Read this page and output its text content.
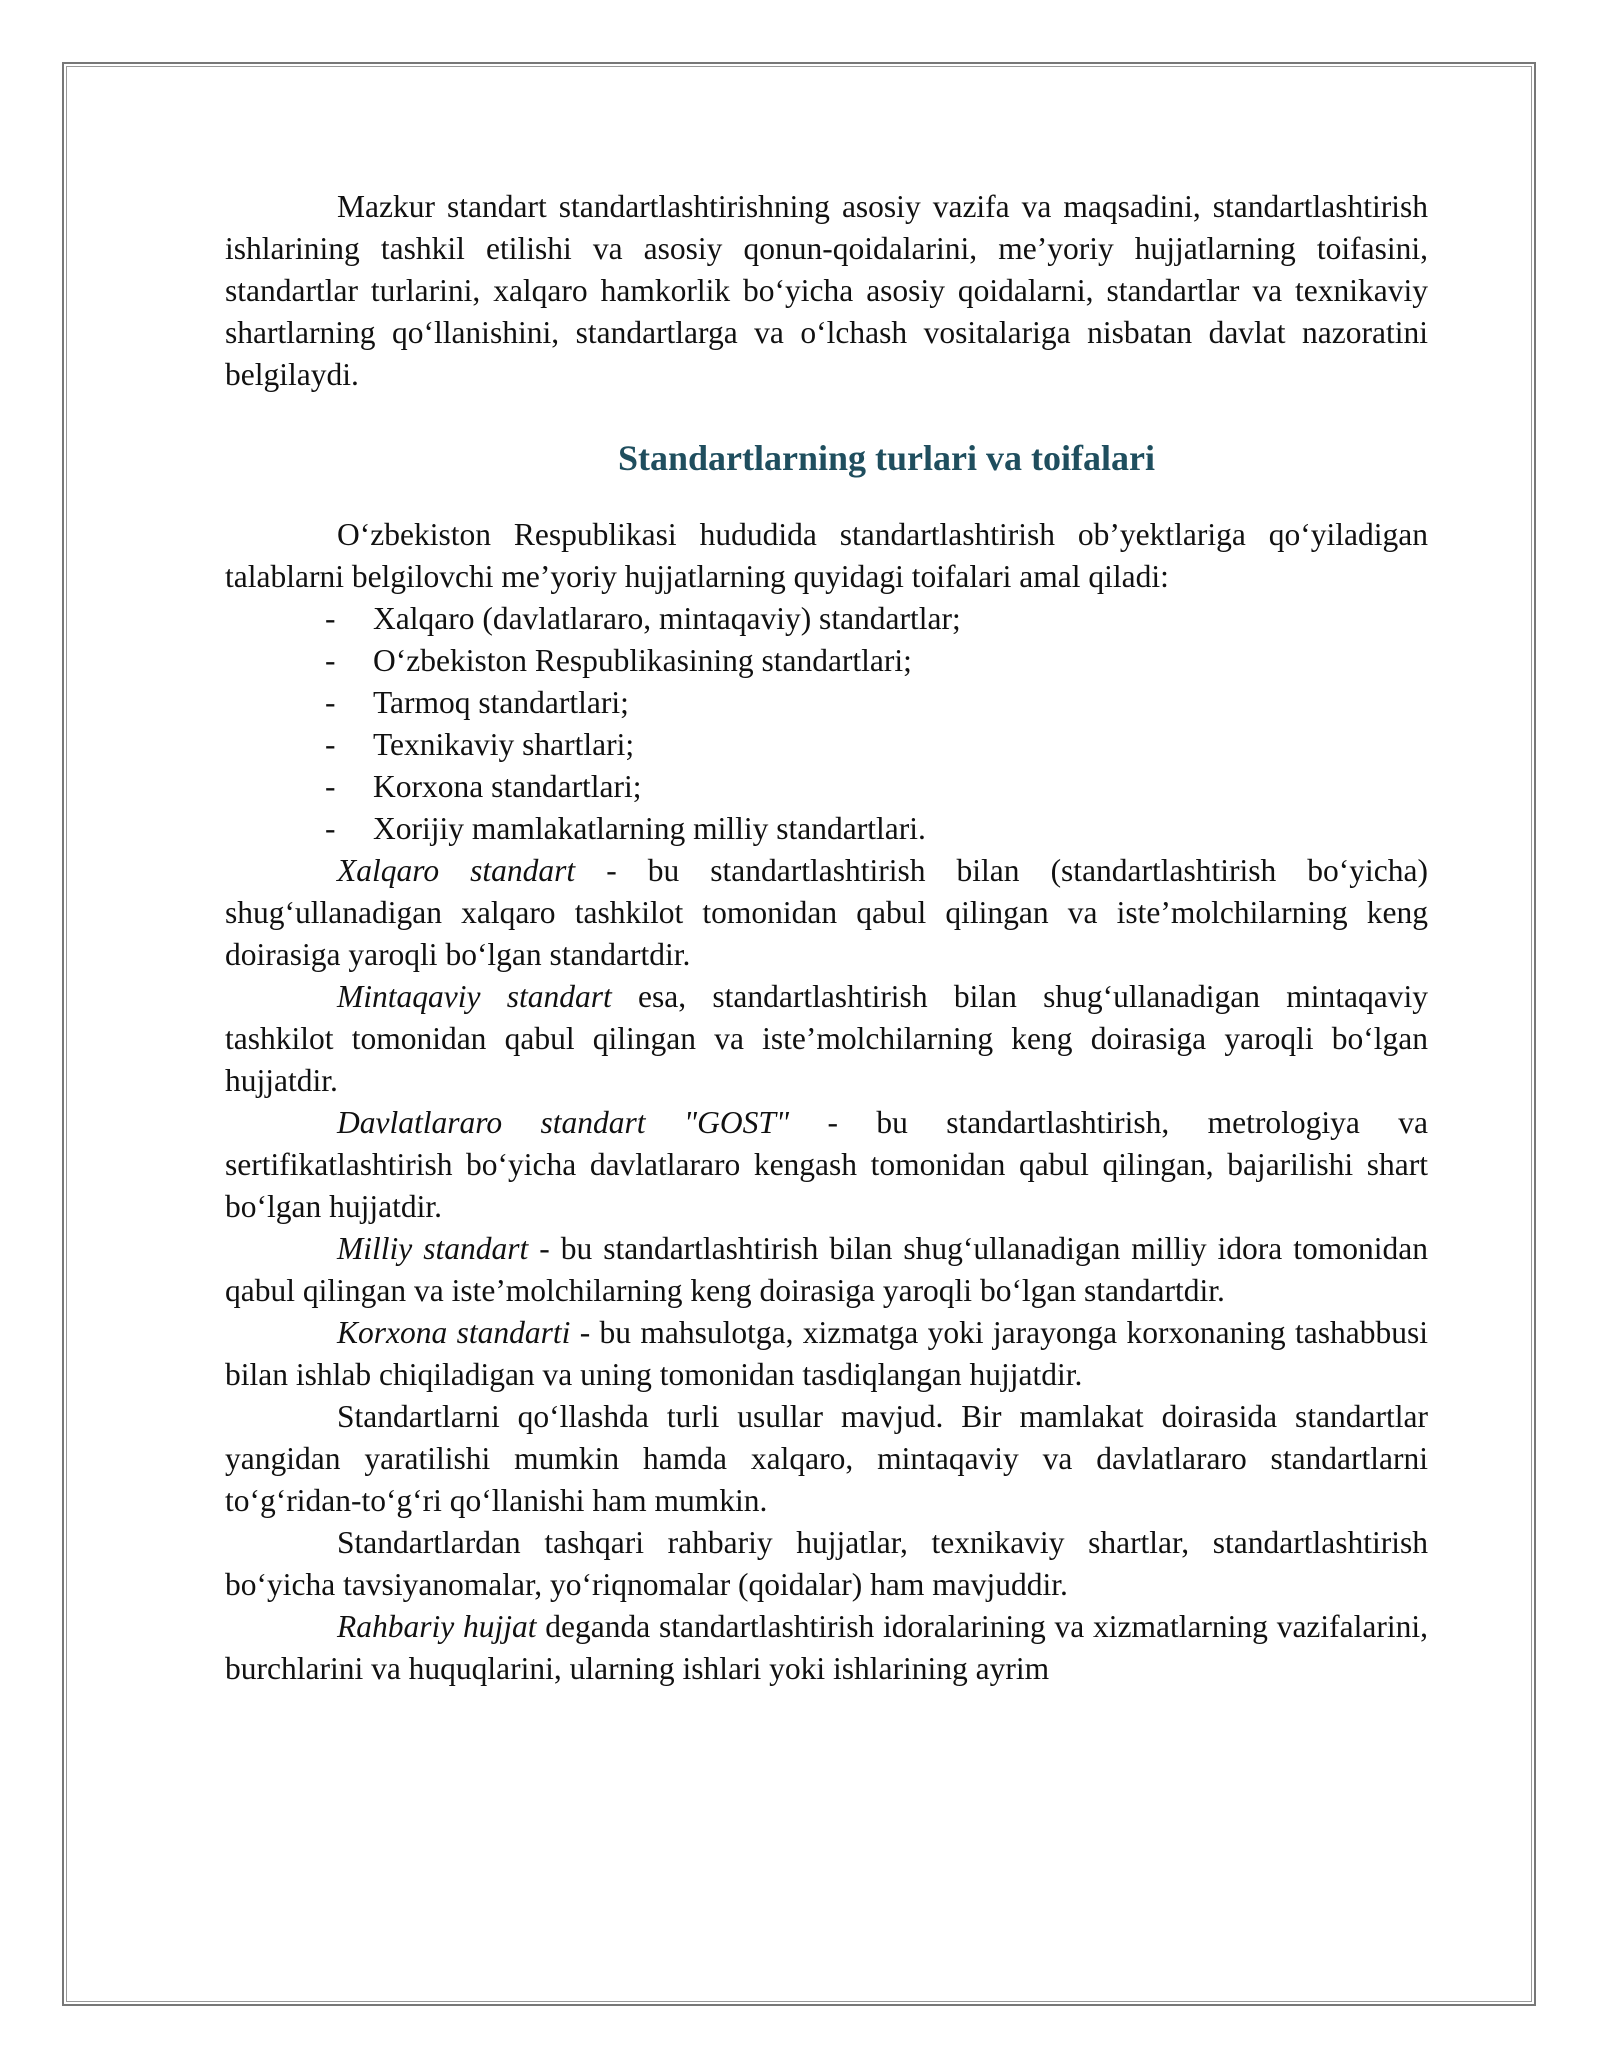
Mazkur standart standartlashtirishning asosiy vazifa va maqsadini, standartlashtirish ishlarining tashkil etilishi va asosiy qonun-qoidalarini, me’yoriy hujjatlarning toifasini, standartlar turlarini, xalqaro hamkorlik bo‘yicha asosiy qoidalarni, standartlar va texnikaviy shartlarning qo‘llanishini, standartlarga va o‘lchash vositalariga nisbatan davlat nazoratini belgilaydi.

Standartlarning turlari va toifalari

O‘zbekiston Respublikasi hududida standartlashtirish ob’yektlariga qo‘yiladigan talablarni belgilovchi me’yoriy hujjatlarning quyidagi toifalari amal qiladi:

- Xalqaro (davlatlararo, mintaqaviy) standartlar;
- O‘zbekiston Respublikasining standartlari;
- Tarmoq standartlari;
- Texnikaviy shartlari;
- Korxona standartlari;
- Xorijiy mamlakatlarning milliy standartlari.

Xalqaro standart - bu standartlashtirish bilan (standartlashtirish bo‘yicha) shug‘ullanadigan xalqaro tashkilot tomonidan qabul qilingan va iste’molchilarning keng doirasiga yaroqli bo‘lgan standartdir.

Mintaqaviy standart esa, standartlashtirish bilan shug‘ullanadigan mintaqaviy tashkilot tomonidan qabul qilingan va iste’molchilarning keng doirasiga yaroqli bo‘lgan hujjatdir.

Davlatlararo standart "GOST" - bu standartlashtirish, metrologiya va sertifikatlashtirish bo‘yicha davlatlararo kengash tomonidan qabul qilingan, bajarilishi shart bo‘lgan hujjatdir.

Milliy standart - bu standartlashtirish bilan shug‘ullanadigan milliy idora tomonidan qabul qilingan va iste’molchilarning keng doirasiga yaroqli bo‘lgan standartdir.

Korxona standarti - bu mahsulotga, xizmatga yoki jarayonga korxonaning tashabbusi bilan ishlab chiqiladigan va uning tomonidan tasdiqlangan hujjatdir.

Standartlarni qo‘llashda turli usullar mavjud. Bir mamlakat doirasida standartlar yangidan yaratilishi mumkin hamda xalqaro, mintaqaviy va davlatlararo standartlarni to‘g‘ridan-to‘g‘ri qo‘llanishi ham mumkin.

Standartlardan tashqari rahbariy hujjatlar, texnikaviy shartlar, standartlashtirish bo‘yicha tavsiyanomalar, yo‘riqnomalar (qoidalar) ham mavjuddir.

Rahbariy hujjat deganda standartlashtirish idoralarining va xizmatlarning vazifalarini, burchlarini va huquqlarini, ularning ishlari yoki ishlarining ayrim
